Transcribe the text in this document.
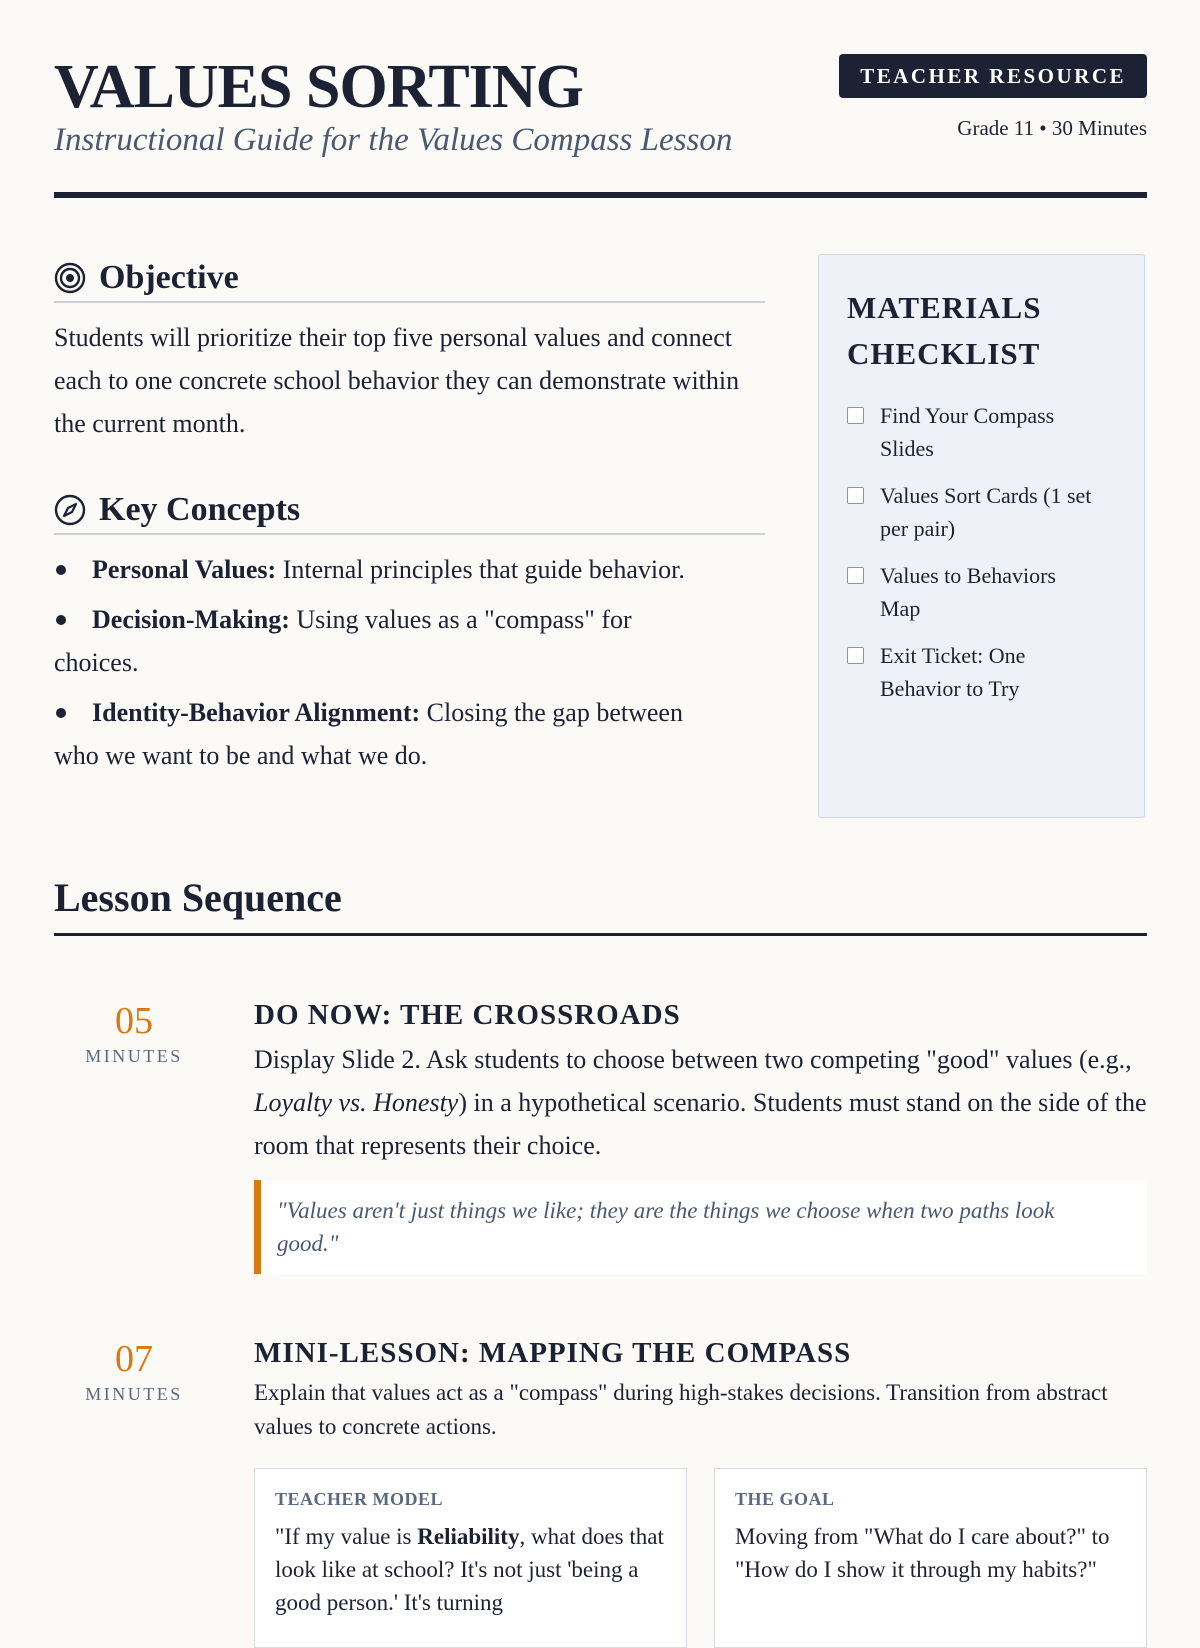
VALUES SORTING

Instructional Guide for the Values Compass Lesson

TEACHER RESOURCE
Grade 11 • 30 Minutes
Objective

Students will prioritize their top five personal values and connect each to one concrete school behavior they can demonstrate within the current month.

Key Concepts
Personal Values: Internal principles that guide behavior.
Decision-Making: Using values as a "compass" for choices.
Identity-Behavior Alignment: Closing the gap between who we want to be and what we do.
MATERIALS CHECKLIST
Find Your Compass Slides
Values Sort Cards (1 set per pair)
Values to Behaviors Map
Exit Ticket: One Behavior to Try
Lesson Sequence
05
MINUTES
DO NOW: THE CROSSROADS

Display Slide 2. Ask students to choose between two competing "good" values (e.g., Loyalty vs. Honesty) in a hypothetical scenario. Students must stand on the side of the room that represents their choice.

"Values aren't just things we like; they are the things we choose when two paths look good."
07
MINUTES
MINI-LESSON: MAPPING THE COMPASS

Explain that values act as a "compass" during high-stakes decisions. Transition from abstract values to concrete actions.

TEACHER MODEL
"If my value is Reliability, what does that look like at school? It's not just 'being a good person.' It's turning
THE GOAL
Moving from "What do I care about?" to "How do I show it through my habits?"
